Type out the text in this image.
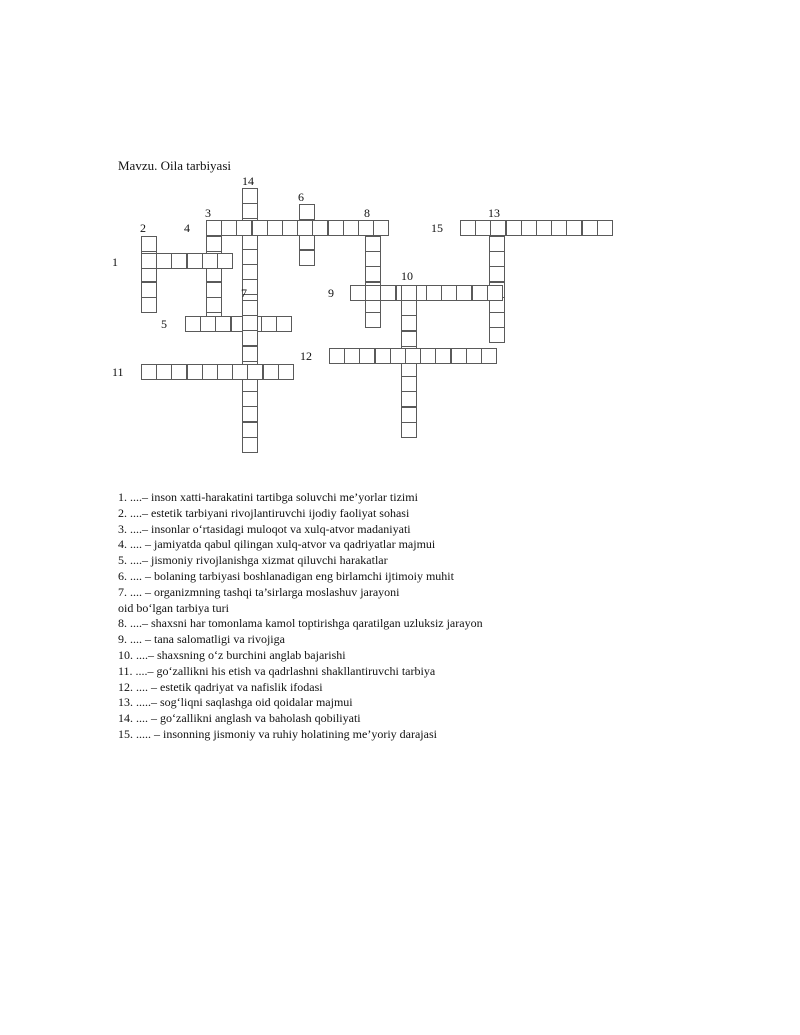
Mavzu. Oila tarbiyasi
1
2
3
4
5
6
7
8
9
10
11
12
13
14
15
1. ....– inson xatti-harakatini tartibga soluvchi me’yorlar tizimi
2. ....– estetik tarbiyani rivojlantiruvchi ijodiy faoliyat sohasi
3. ....– insonlar o‘rtasidagi muloqot va xulq-atvor madaniyati
4. .... – jamiyatda qabul qilingan xulq-atvor va qadriyatlar majmui
5. ....– jismoniy rivojlanishga xizmat qiluvchi harakatlar
6. .... – bolaning tarbiyasi boshlanadigan eng birlamchi ijtimoiy muhit
7. .... – organizmning tashqi ta’sirlarga moslashuv jarayoni
oid bo‘lgan tarbiya turi
8. ....– shaxsni har tomonlama kamol toptirishga qaratilgan uzluksiz jarayon
9. .... – tana salomatligi va rivojiga
10. ....– shaxsning o‘z burchini anglab bajarishi
11. ....– go‘zallikni his etish va qadrlashni shakllantiruvchi tarbiya
12. .... – estetik qadriyat va nafislik ifodasi
13. .....– sog‘liqni saqlashga oid qoidalar majmui
14. .... – go‘zallikni anglash va baholash qobiliyati
15. ..... – insonning jismoniy va ruhiy holatining me’yoriy darajasi
